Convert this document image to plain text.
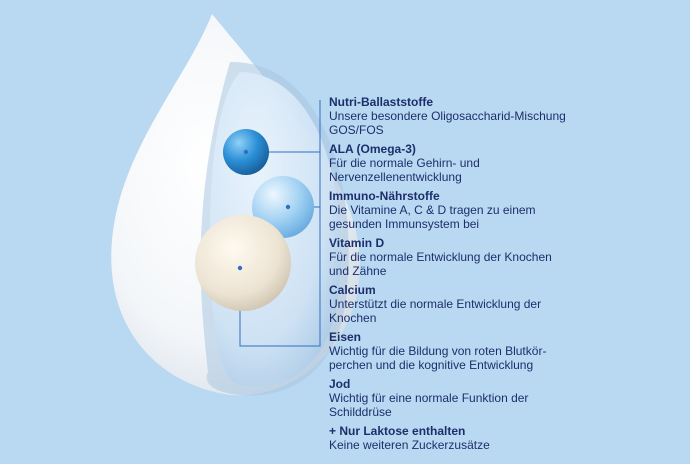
Nutri-Ballaststoffe
Unsere besondere Oligosaccharid-Mischung
GOS/FOS
ALA (Omega-3)
Für die normale Gehirn- und
Nervenzellenentwicklung
Immuno-Nährstoffe
Die Vitamine A, C & D tragen zu einem
gesunden Immunsystem bei
Vitamin D
Für die normale Entwicklung der Knochen
und Zähne
Calcium
Unterstützt die normale Entwicklung der
Knochen
Eisen
Wichtig für die Bildung von roten Blutkör-
perchen und die kognitive Entwicklung
Jod
Wichtig für eine normale Funktion der
Schilddrüse
+ Nur Laktose enthalten
Keine weiteren Zuckerzusätze
